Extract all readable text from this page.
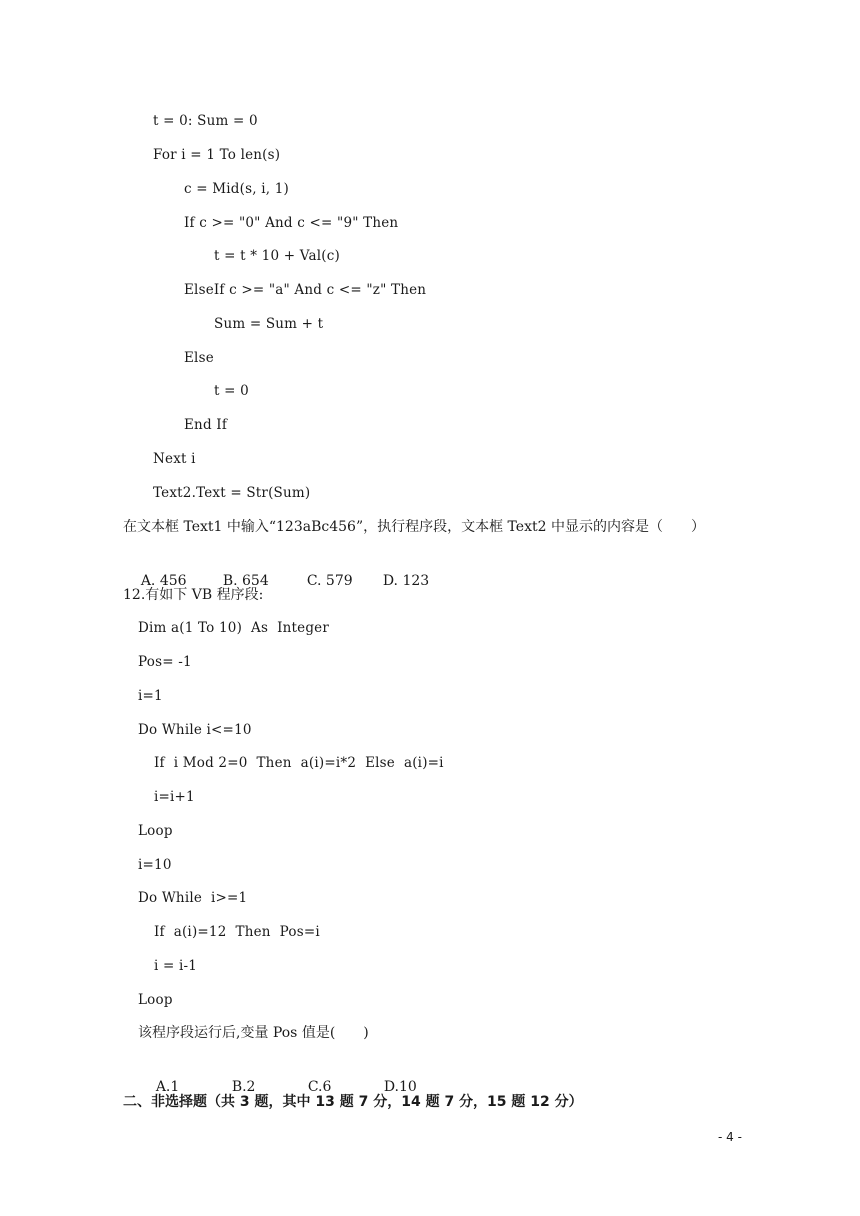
t = 0: Sum = 0
For i = 1 To len(s)
c = Mid(s, i, 1)
If c >= "0" And c <= "9" Then
t = t * 10 + Val(c)
ElseIf c >= "a" And c <= "z" Then
Sum = Sum + t
Else
t = 0
End If
Next i
Text2.Text = Str(Sum)
在文本框 Text1 中输入“123aBc456”，执行程序段，文本框 Text2 中显示的内容是（　　）

A. 456	B. 654	C. 579 D. 123

12.有如下 VB 程序段:
Dim a(1 To 10)  As  Integer
Pos= -1
i=1
Do While i<=10
If  i Mod 2=0  Then  a(i)=i*2  Else  a(i)=i
i=i+1
Loop
i=10
Do While  i>=1
If  a(i)=12  Then  Pos=i
i = i-1
Loop
该程序段运行后,变量 Pos 值是(　　)

A.1	B.2	C.6	D.10

二、非选择题（共 3 题，其中 13 题 7 分，14 题 7 分，15 题 12 分）
- 4 -
